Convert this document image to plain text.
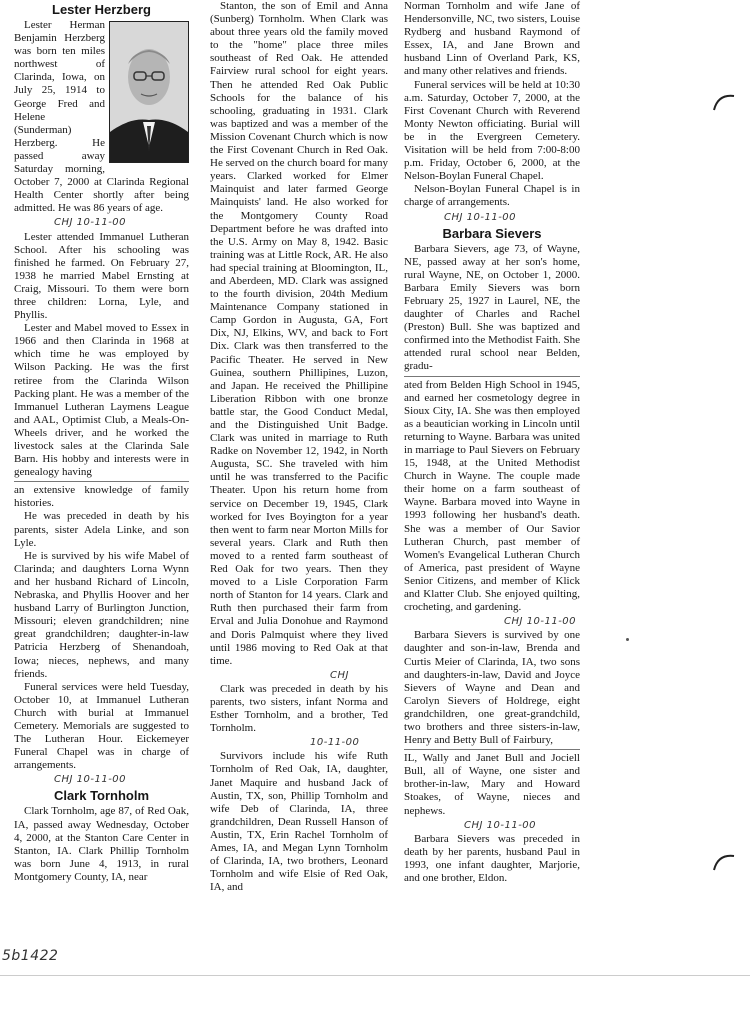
Lester Herzberg

Lester Herman Benjamin Herzberg was born ten miles northwest of Clarinda, Iowa, on July 25, 1914 to George Fred and Helene (Sunderman) Herzberg. He passed away Saturday morning, October 7, 2000 at Clarinda Regional Health Center shortly after being admitted. He was 86 years of age.

CHJ 10-11-00

Lester attended Immanuel Lutheran School. After his schooling was finished he farmed. On February 27, 1938 he married Mabel Ernsting at Craig, Missouri. To them were born three children: Lorna, Lyle, and Phyllis.

Lester and Mabel moved to Essex in 1966 and then Clarinda in 1968 at which time he was employed by Wilson Packing. He was the first retiree from the Clarinda Wilson Packing plant. He was a member of the Immanuel Lutheran Laymens League and AAL, Optimist Club, a Meals-On-Wheels driver, and he worked the livestock sales at the Clarinda Sale Barn. His hobby and interests were in genealogy having

an extensive knowledge of family histories.

He was preceded in death by his parents, sister Adela Linke, and son Lyle.

He is survived by his wife Mabel of Clarinda; and daughters Lorna Wynn and her husband Richard of Lincoln, Nebraska, and Phyllis Hoover and her husband Larry of Burlington Junction, Missouri; eleven grandchildren; nine great grandchildren; daughter-in-law Patricia Herzberg of Shenandoah, Iowa; nieces, nephews, and many friends.

Funeral services were held Tuesday, October 10, at Immanuel Lutheran Church with burial at Immanuel Cemetery. Memorials are suggested to The Lutheran Hour. Eickemeyer Funeral Chapel was in charge of arrangements.

CHJ 10-11-00
Clark Tornholm

Clark Tornholm, age 87, of Red Oak, IA, passed away Wednesday, October 4, 2000, at the Stanton Care Center in Stanton, IA. Clark Phillip Tornholm was born June 4, 1913, in rural Montgomery County, IA, near

Stanton, the son of Emil and Anna (Sunberg) Tornholm. When Clark was about three years old the family moved to the "home" place three miles southeast of Red Oak. He attended Fairview rural school for eight years. Then he attended Red Oak Public Schools for the balance of his schooling, graduating in 1931. Clark was baptized and was a member of the Mission Covenant Church which is now the First Covenant Church in Red Oak. He served on the church board for many years. Clarked worked for Elmer Mainquist and later farmed George Mainquists' land. He also worked for the Montgomery County Road Department before he was drafted into the U.S. Army on May 8, 1942. Basic training was at Little Rock, AR. He also had special training at Bloomington, IL, and Aberdeen, MD. Clark was assigned to the fourth division, 204th Medium Maintenance Company stationed in Camp Gordon in Augusta, GA, Fort Dix, NJ, Elkins, WV, and back to Fort Dix. Clark was then transferred to the Pacific Theater. He served in New Guinea, southern Phillipines, Luzon, and Japan. He received the Phillipine Liberation Ribbon with one bronze battle star, the Good Conduct Medal, and the Distinguished Unit Badge. Clark was united in marriage to Ruth Radke on November 12, 1942, in North Augusta, SC. She traveled with him until he was transferred to the Pacific Theater. Upon his return home from service on December 19, 1945, Clark worked for Ives Boyington for a year then went to farm near Morton Mills for several years. Clark and Ruth then moved to a rented farm southeast of Red Oak for two years. Then they moved to a Lisle Corporation Farm north of Stanton for 14 years. Clark and Ruth then purchased their farm from Erval and Julia Donohue and Raymond and Doris Palmquist where they lived until 1986 moving to Red Oak at that time.

CHJ

Clark was preceded in death by his parents, two sisters, infant Norma and Esther Tornholm, and a brother, Ted Tornholm.

10-11-00

Survivors include his wife Ruth Tornholm of Red Oak, IA, daughter, Janet Maquire and husband Jack of Austin, TX, son, Phillip Tornholm and wife Deb of Clarinda, IA, three grandchildren, Dean Russell Hanson of Austin, TX, Erin Rachel Tornholm of Ames, IA, and Megan Lynn Tornholm of Clarinda, IA, two brothers, Leonard Tornholm and wife Elsie of Red Oak, IA, and

Norman Tornholm and wife Jane of Hendersonville, NC, two sisters, Louise Rydberg and husband Raymond of Essex, IA, and Jane Brown and husband Linn of Overland Park, KS, and many other relatives and friends.

Funeral services will be held at 10:30 a.m. Saturday, October 7, 2000, at the First Covenant Church with Reverend Monty Newton officiating. Burial will be in the Evergreen Cemetery. Visitation will be held from 7:00-8:00 p.m. Friday, October 6, 2000, at the Nelson-Boylan Funeral Chapel.

Nelson-Boylan Funeral Chapel is in charge of arrangements.

CHJ 10-11-00
Barbara Sievers

Barbara Sievers, age 73, of Wayne, NE, passed away at her son's home, rural Wayne, NE, on October 1, 2000. Barbara Emily Sievers was born February 25, 1927 in Laurel, NE, the daughter of Charles and Rachel (Preston) Bull. She was baptized and confirmed into the Methodist Faith. She attended rural school near Belden, gradu-

ated from Belden High School in 1945, and earned her cosmetology degree in Sioux City, IA. She was then employed as a beautician working in Lincoln until returning to Wayne. Barbara was united in marriage to Paul Sievers on February 15, 1948, at the United Methodist Church in Wayne. The couple made their home on a farm southeast of Wayne. Barbara moved into Wayne in 1993 following her husband's death. She was a member of Our Savior Lutheran Church, past member of Women's Evangelical Lutheran Church of America, past president of Wayne Senior Citizens, and member of Klick and Klatter Club. She enjoyed quilting, crocheting, and gardening.

CHJ 10-11-00

Barbara Sievers is survived by one daughter and son-in-law, Brenda and Curtis Meier of Clarinda, IA, two sons and daughters-in-law, David and Joyce Sievers of Wayne and Dean and Carolyn Sievers of Holdrege, eight grandchildren, one great-grandchild, two brothers and three sisters-in-law, Henry and Betty Bull of Fairbury,

IL, Wally and Janet Bull and Jociell Bull, all of Wayne, one sister and brother-in-law, Mary and Howard Stoakes, of Wayne, nieces and nephews.

CHJ 10-11-00

Barbara Sievers was preceded in death by her parents, husband Paul in 1993, one infant daughter, Marjorie, and one brother, Eldon.

5b1422
